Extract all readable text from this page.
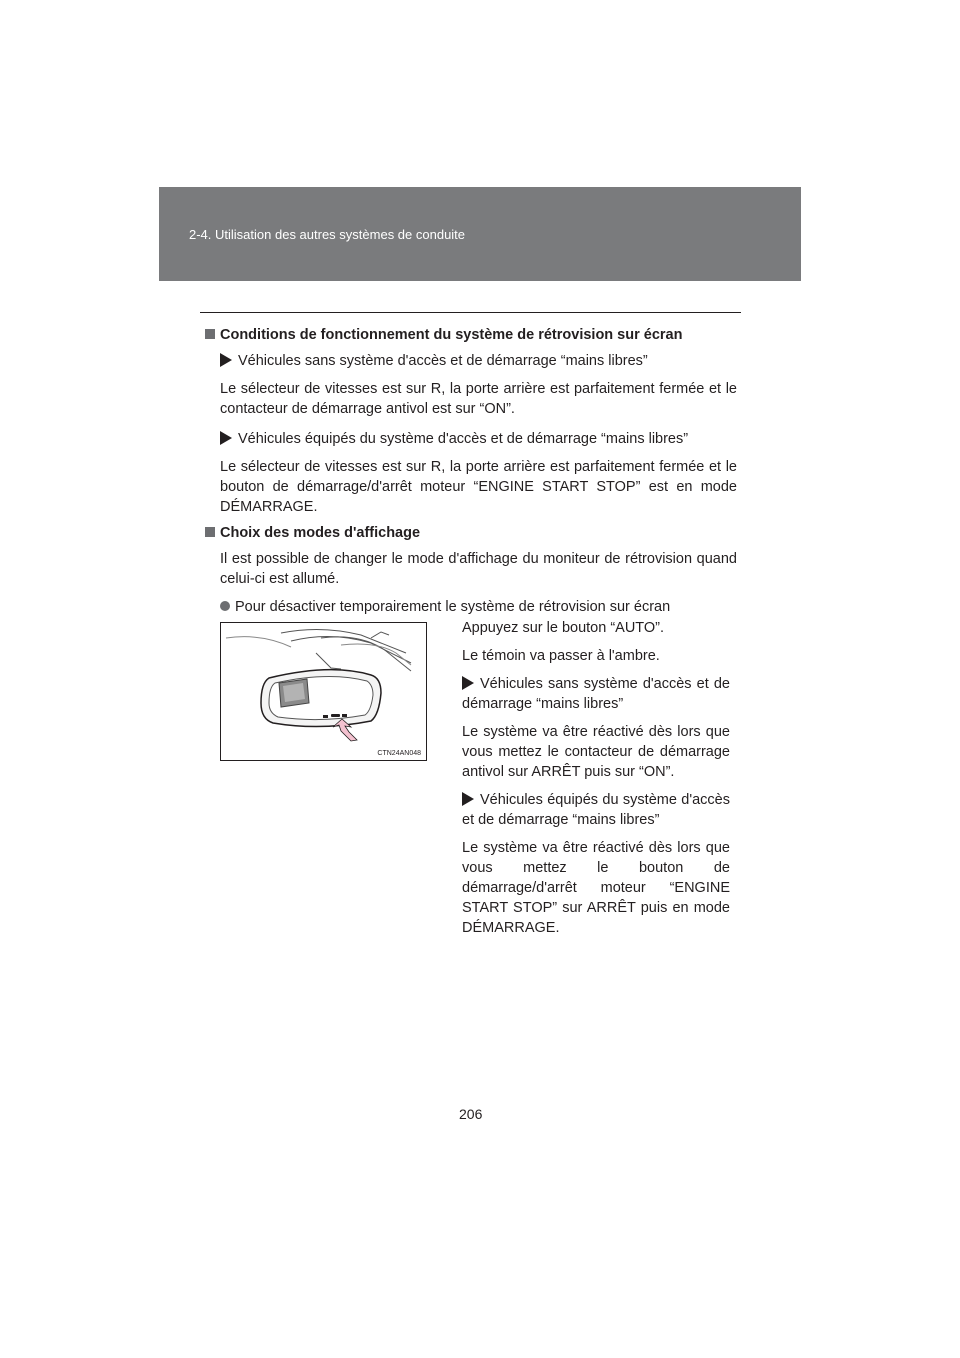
2-4. Utilisation des autres systèmes de conduite

Conditions de fonctionnement du système de rétrovision sur écran

Véhicules sans système d'accès et de démarrage “mains libres”

Le sélecteur de vitesses est sur R, la porte arrière est parfaitement fermée et le contacteur de démarrage antivol est sur “ON”.

Véhicules équipés du système d'accès et de démarrage “mains libres”

Le sélecteur de vitesses est sur R, la porte arrière est parfaitement fermée et le bouton de démarrage/d'arrêt moteur “ENGINE START STOP” est en mode DÉMARRAGE.

Choix des modes d'affichage

Il est possible de changer le mode d'affichage du moniteur de rétrovision quand celui-ci est allumé.

Pour désactiver temporairement le système de rétrovision sur écran

CTN24AN048

Appuyez sur le bouton “AUTO”.

Le témoin va passer à l'ambre.

Véhicules sans système d'accès et de démarrage “mains libres”

Le système va être réactivé dès lors que vous mettez le contacteur de démarrage antivol sur ARRÊT puis sur “ON”.

Véhicules équipés du système d'accès et de démarrage “mains libres”

Le système va être réactivé dès lors que vous mettez le bouton de démarrage/d'arrêt moteur “ENGINE START STOP” sur ARRÊT puis en mode DÉMARRAGE.

206
